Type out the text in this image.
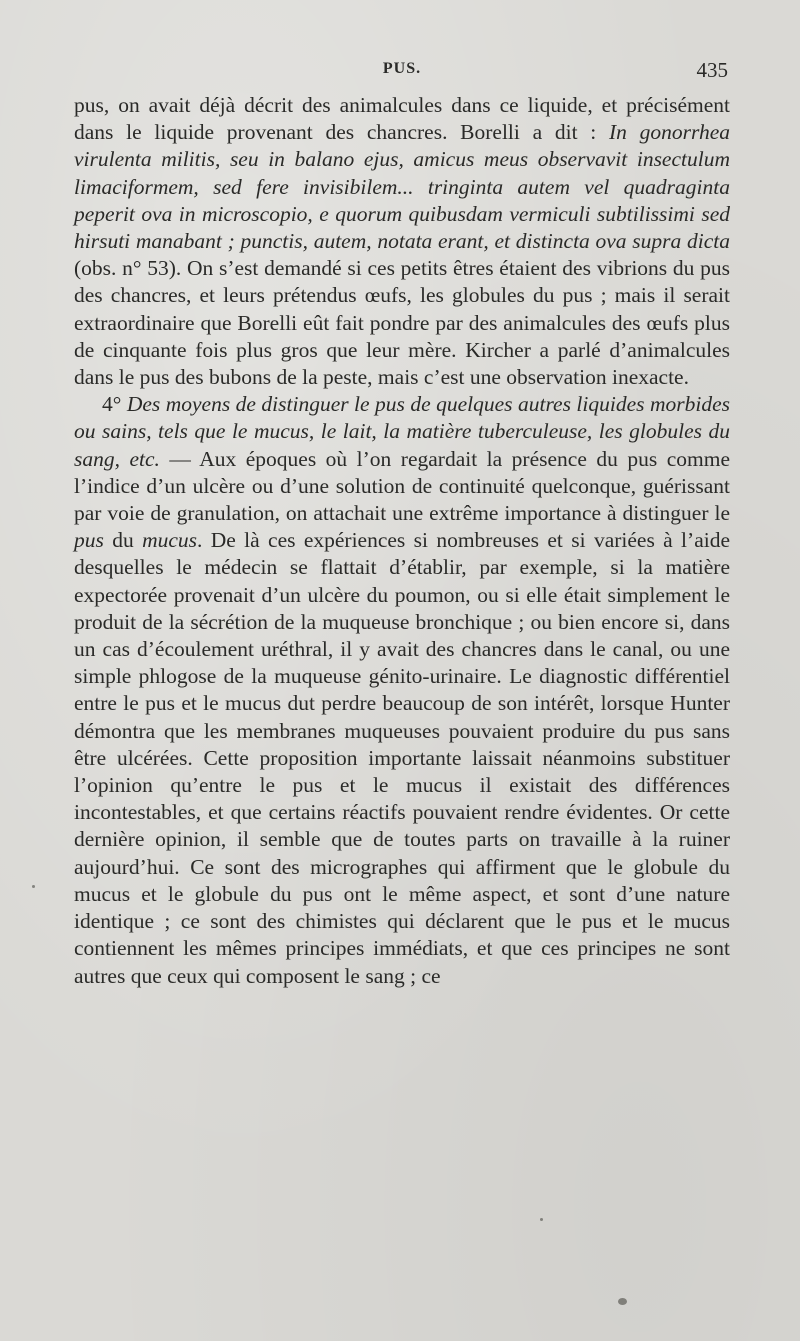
PUS.	435

pus, on avait déjà décrit des animalcules dans ce liquide, et précisément dans le liquide provenant des chancres. Borelli a dit : In gonorrhea virulenta militis, seu in balano ejus, amicus meus observavit insectulum limaciformem, sed fere invisibilem... tringinta autem vel quadraginta peperit ova in microscopio, e quorum quibusdam vermiculi subtilissimi sed hirsuti manabant ; punctis, autem, notata erant, et distincta ova supra dicta (obs. n° 53). On s’est demandé si ces petits êtres étaient des vibrions du pus des chancres, et leurs prétendus œufs, les globules du pus ; mais il serait extraordinaire que Borelli eût fait pondre par des animalcules des œufs plus de cinquante fois plus gros que leur mère. Kircher a parlé d’animalcules dans le pus des bubons de la peste, mais c’est une observation inexacte.

4° Des moyens de distinguer le pus de quelques autres liquides morbides ou sains, tels que le mucus, le lait, la matière tuberculeuse, les globules du sang, etc. — Aux époques où l’on regardait la présence du pus comme l’indice d’un ulcère ou d’une solution de continuité quelconque, guérissant par voie de granulation, on attachait une extrême importance à distinguer le pus du mucus. De là ces expériences si nombreuses et si variées à l’aide desquelles le médecin se flattait d’établir, par exemple, si la matière expectorée provenait d’un ulcère du poumon, ou si elle était simplement le produit de la sécrétion de la muqueuse bronchique ; ou bien encore si, dans un cas d’écoulement uréthral, il y avait des chancres dans le canal, ou une simple phlogose de la muqueuse génito-urinaire. Le diagnostic différentiel entre le pus et le mucus dut perdre beaucoup de son intérêt, lorsque Hunter démontra que les membranes muqueuses pouvaient produire du pus sans être ulcérées. Cette proposition importante laissait néanmoins substituer l’opinion qu’entre le pus et le mucus il existait des différences incontestables, et que certains réactifs pouvaient rendre évidentes. Or cette dernière opinion, il semble que de toutes parts on travaille à la ruiner aujourd’hui. Ce sont des micrographes qui affirment que le globule du mucus et le globule du pus ont le même aspect, et sont d’une nature identique ; ce sont des chimistes qui déclarent que le pus et le mucus contiennent les mêmes principes immédiats, et que ces principes ne sont autres que ceux qui composent le sang ; ce
